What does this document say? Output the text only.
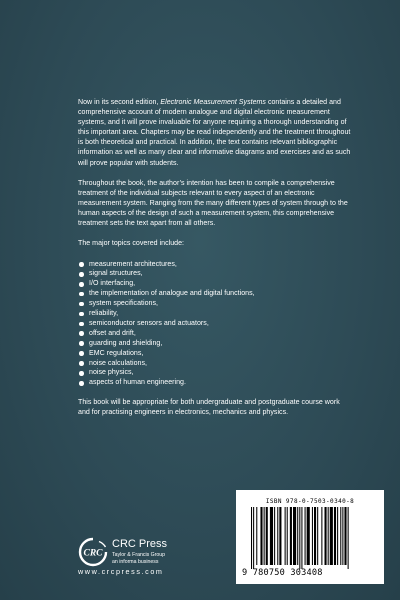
Now in its second edition, Electronic Measurement Systems contains a detailed and comprehensive account of modern analogue and digital electronic measurement systems, and it will prove invaluable for anyone requiring a thorough understanding of this important area. Chapters may be read independently and the treatment throughout is both theoretical and practical. In addition, the text contains relevant bibliographic information as well as many clear and informative diagrams and exercises and as such will prove popular with students.

Throughout the book, the author’s intention has been to compile a comprehensive treatment of the individual subjects relevant to every aspect of an electronic measurement system. Ranging from the many different types of system through to the human aspects of the design of such a measurement system, this comprehensive treatment sets the text apart from all others.

The major topics covered include:

measurement architectures,
signal structures,
I/O interfacing,
the implementation of analogue and digital functions,
system specifications,
reliability,
semiconductor sensors and actuators,
offset and drift,
guarding and shielding,
EMC regulations,
noise calculations,
noise physics,
aspects of human engineering.

This book will be appropriate for both undergraduate and postgraduate course work and for practising engineers in electronics, mechanics and physics.

CRC
CRC Press
Taylor & Francis Group
an informa business
www.crcpress.com
ISBN 978-0-7503-0340-8
9 780750 303408
